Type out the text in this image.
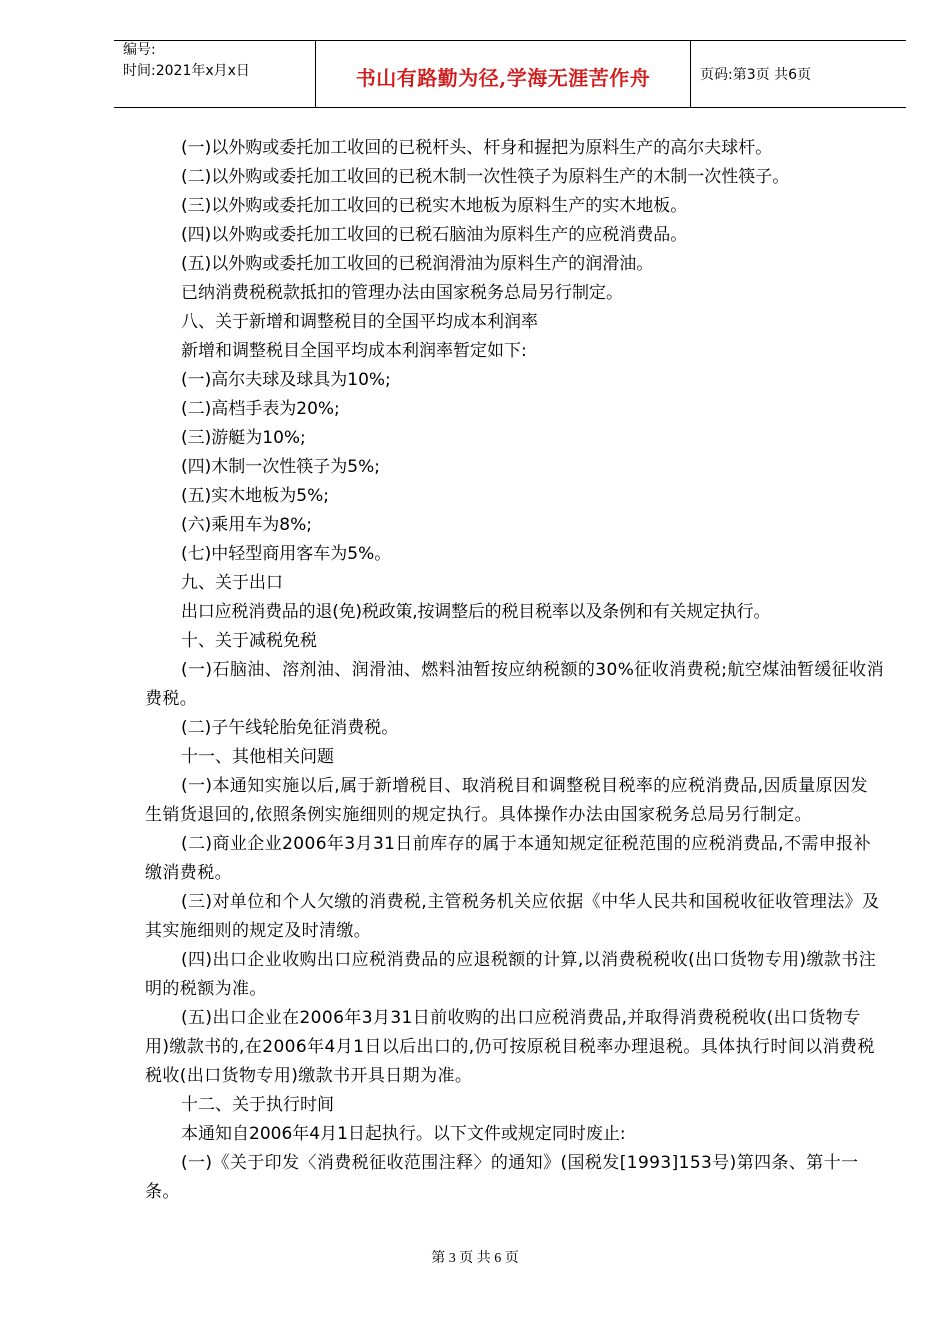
编号:
时间:2021年x月x日	书山有路勤为径,学海无涯苦作舟	页码:第3页 共6页
(一)以外购或委托加工收回的已税杆头、杆身和握把为原料生产的高尔夫球杆。
(二)以外购或委托加工收回的已税木制一次性筷子为原料生产的木制一次性筷子。
(三)以外购或委托加工收回的已税实木地板为原料生产的实木地板。
(四)以外购或委托加工收回的已税石脑油为原料生产的应税消费品。
(五)以外购或委托加工收回的已税润滑油为原料生产的润滑油。
已纳消费税税款抵扣的管理办法由国家税务总局另行制定。
八、关于新增和调整税目的全国平均成本利润率
新增和调整税目全国平均成本利润率暂定如下:
(一)高尔夫球及球具为10%;
(二)高档手表为20%;
(三)游艇为10%;
(四)木制一次性筷子为5%;
(五)实木地板为5%;
(六)乘用车为8%;
(七)中轻型商用客车为5%。
九、关于出口
出口应税消费品的退(免)税政策,按调整后的税目税率以及条例和有关规定执行。
十、关于减税免税
(一)石脑油、溶剂油、润滑油、燃料油暂按应纳税额的30%征收消费税;航空煤油暂缓征收消费税。
(二)子午线轮胎免征消费税。
十一、其他相关问题
(一)本通知实施以后,属于新增税目、取消税目和调整税目税率的应税消费品,因质量原因发生销货退回的,依照条例实施细则的规定执行。具体操作办法由国家税务总局另行制定。
(二)商业企业2006年3月31日前库存的属于本通知规定征税范围的应税消费品,不需申报补缴消费税。
(三)对单位和个人欠缴的消费税,主管税务机关应依据《中华人民共和国税收征收管理法》及其实施细则的规定及时清缴。
(四)出口企业收购出口应税消费品的应退税额的计算,以消费税税收(出口货物专用)缴款书注明的税额为准。
(五)出口企业在2006年3月31日前收购的出口应税消费品,并取得消费税税收(出口货物专用)缴款书的,在2006年4月1日以后出口的,仍可按原税目税率办理退税。具体执行时间以消费税税收(出口货物专用)缴款书开具日期为准。
十二、关于执行时间
本通知自2006年4月1日起执行。以下文件或规定同时废止:
(一)《关于印发〈消费税征收范围注释〉的通知》(国税发[1993]153号)第四条、第十一条。
第 3 页 共 6 页
